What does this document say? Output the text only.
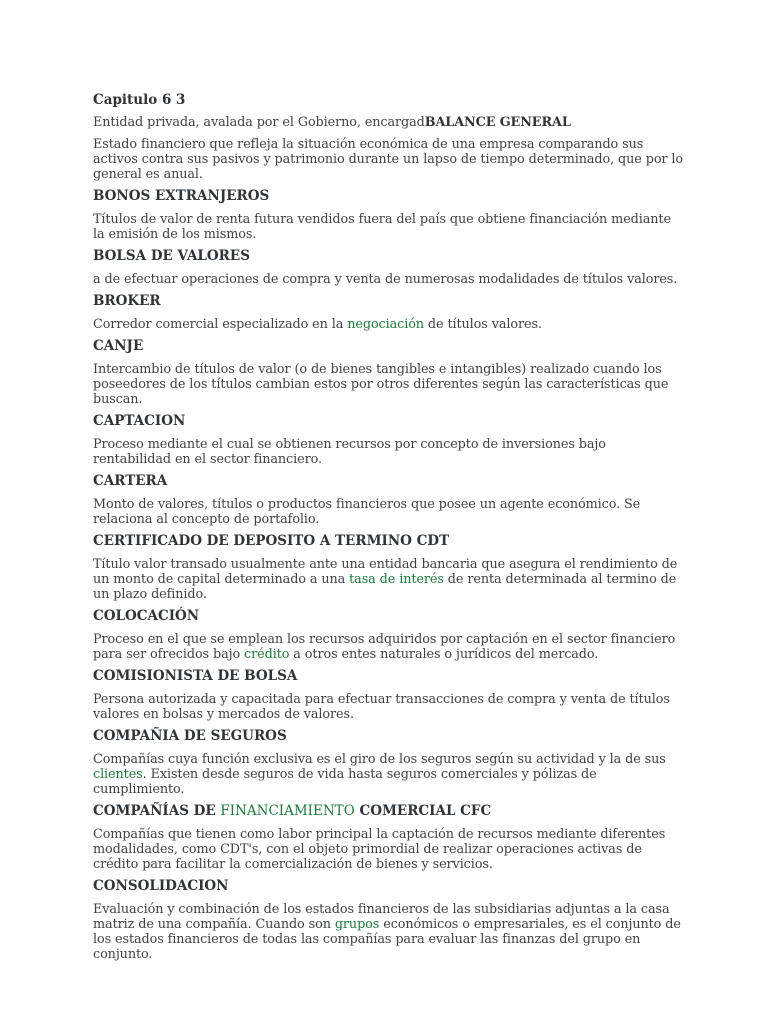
Capitulo 6 3

Entidad privada, avalada por el Gobierno, encargadBALANCE GENERAL

Estado financiero que refleja la situación económica de una empresa comparando sus activos contra sus pasivos y patrimonio durante un lapso de tiempo determinado, que por lo general es anual.

BONOS EXTRANJEROS

Títulos de valor de renta futura vendidos fuera del país que obtiene financiación mediante la emisión de los mismos.

BOLSA DE VALORES

a de efectuar operaciones de compra y venta de numerosas modalidades de títulos valores.

BROKER

Corredor comercial especializado en la negociación de títulos valores.

CANJE

Intercambio de títulos de valor (o de bienes tangibles e intangibles) realizado cuando los poseedores de los títulos cambian estos por otros diferentes según las características que buscan.

CAPTACION

Proceso mediante el cual se obtienen recursos por concepto de inversiones bajo rentabilidad en el sector financiero.

CARTERA

Monto de valores, títulos o productos financieros que posee un agente económico. Se relaciona al concepto de portafolio.

CERTIFICADO DE DEPOSITO A TERMINO CDT

Título valor transado usualmente ante una entidad bancaria que asegura el rendimiento de un monto de capital determinado a una tasa de interés de renta determinada al termino de un plazo definido.

COLOCACIÓN

Proceso en el que se emplean los recursos adquiridos por captación en el sector financiero para ser ofrecidos bajo crédito a otros entes naturales o jurídicos del mercado.

COMISIONISTA DE BOLSA

Persona autorizada y capacitada para efectuar transacciones de compra y venta de títulos valores en bolsas y mercados de valores.

COMPAÑIA DE SEGUROS

Compañías cuya función exclusiva es el giro de los seguros según su actividad y la de sus clientes. Existen desde seguros de vida hasta seguros comerciales y pólizas de cumplimiento.

COMPAÑÍAS DE FINANCIAMIENTO COMERCIAL CFC

Compañías que tienen como labor principal la captación de recursos mediante diferentes modalidades, como CDT's, con el objeto primordial de realizar operaciones activas de crédito para facilitar la comercialización de bienes y servicios.

CONSOLIDACION

Evaluación y combinación de los estados financieros de las subsidiarias adjuntas a la casa matriz de una compañía. Cuando son grupos económicos o empresariales, es el conjunto de los estados financieros de todas las compañías para evaluar las finanzas del grupo en conjunto.
